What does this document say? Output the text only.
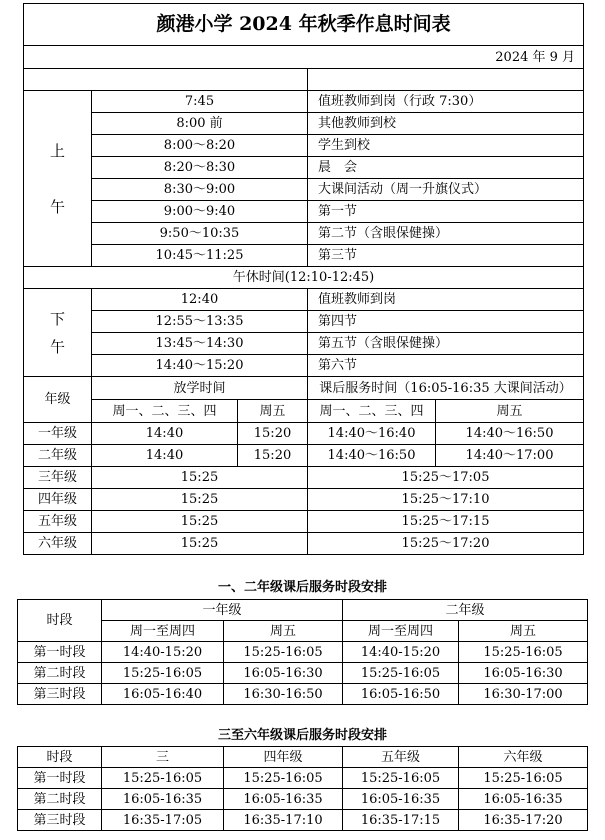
颜港小学 2024 年秋季作息时间表				
2024 年 9 月				

上

午	7:45		值班教师到岗（行政 7:30）	
	8:00 前		其他教师到校	
	8:00～8:20		学生到校	
	8:20～8:30		晨　会	
	8:30～9:00		大课间活动（周一升旗仪式）	
	9:00～9:40		第一节	
	9:50～10:35		第二节（含眼保健操）	
	10:45～11:25		第三节	
午休时间(12:10-12:45)				
下
午	12:40		值班教师到岗	
	12:55～13:35		第四节	
	13:45～14:30		第五节（含眼保健操）	
	14:40～15:20		第六节	
年级	放学时间		课后服务时间（16:05-16:35 大课间活动）	
	周一、二、三、四	周五	周一、二、三、四	周五
一年级	14:40	15:20	14:40～16:40	14:40～16:50
二年级	14:40	15:20	14:40～16:50	14:40～17:00
三年级	15:25		15:25～17:05	
四年级	15:25		15:25～17:10	
五年级	15:25		15:25～17:15	
六年级	15:25		15:25～17:20	
一、二年级课后服务时段安排
时段	一年级		二年级	
	周一至周四	周五	周一至周四	周五
第一时段	14:40-15:20	15:25-16:05	14:40-15:20	15:25-16:05
第二时段	15:25-16:05	16:05-16:30	15:25-16:05	16:05-16:30
第三时段	16:05-16:40	16:30-16:50	16:05-16:50	16:30-17:00
三至六年级课后服务时段安排
时段	三	四年级	五年级	六年级
第一时段	15:25-16:05	15:25-16:05	15:25-16:05	15:25-16:05
第二时段	16:05-16:35	16:05-16:35	16:05-16:35	16:05-16:35
第三时段	16:35-17:05	16:35-17:10	16:35-17:15	16:35-17:20
